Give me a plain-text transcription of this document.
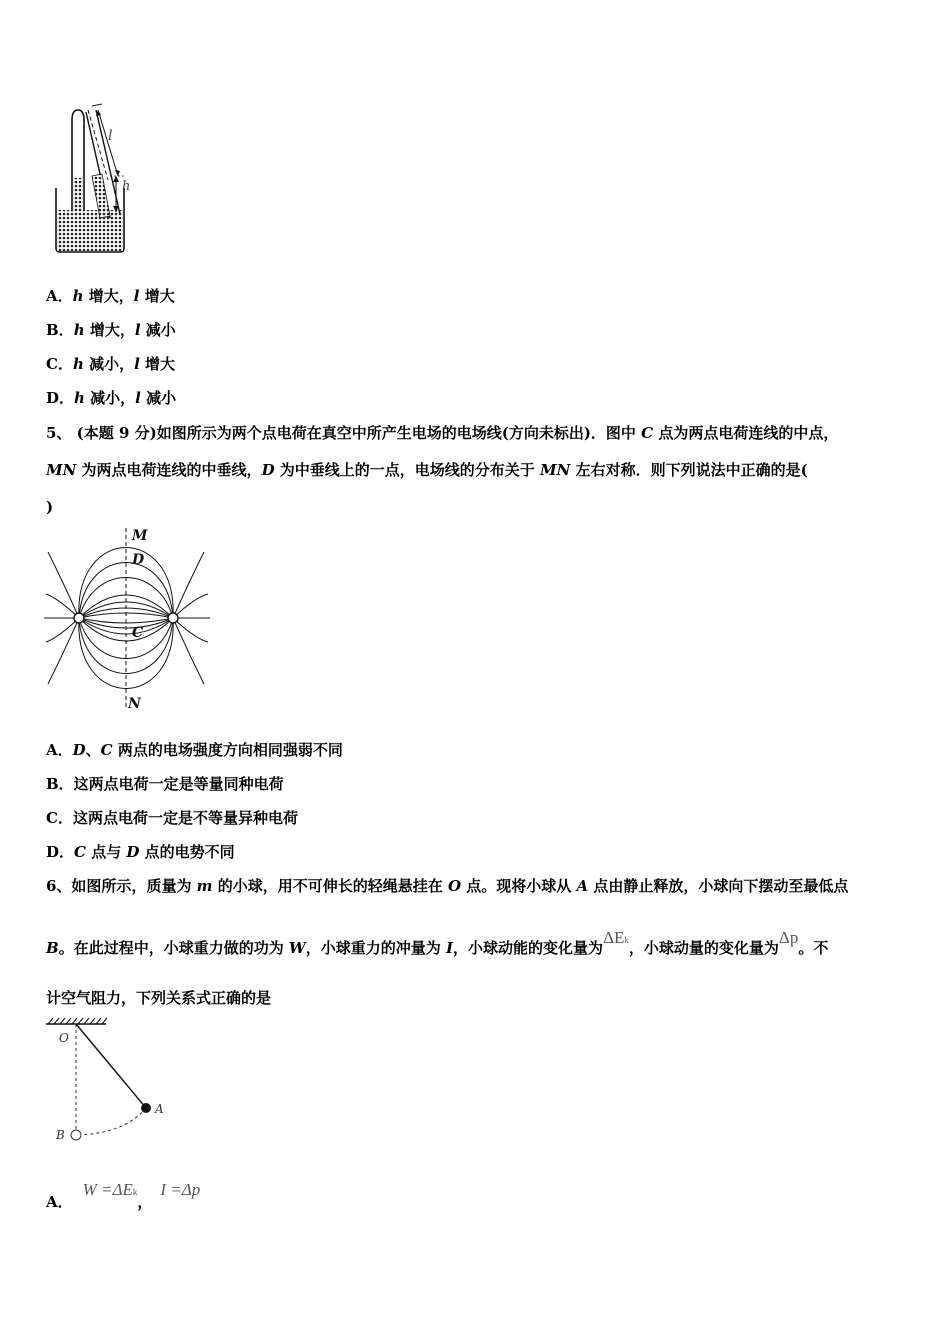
l
h
A．h 增大，l 增大
B．h 增大，l 减小
C．h 减小，l 增大
D．h 减小，l 减小
5、 (本题 9 分)如图所示为两个点电荷在真空中所产生电场的电场线(方向未标出)．图中 C 点为两点电荷连线的中点，
MN 为两点电荷连线的中垂线，D 为中垂线上的一点，电场线的分布关于 MN 左右对称．则下列说法中正确的是(
)
M
D
C
N
A．D、C 两点的电场强度方向相同强弱不同
B．这两点电荷一定是等量同种电荷
C．这两点电荷一定是不等量异种电荷
D．C 点与 D 点的电势不同
6、如图所示，质量为 m 的小球，用不可伸长的轻绳悬挂在 O 点。现将小球从 A 点由静止释放，小球向下摆动至最低点
B。在此过程中，小球重力做的功为 W，小球重力的冲量为 I，小球动能的变化量为ΔEk，小球动量的变化量为Δp。不
计空气阻力，下列关系式正确的是
O
A
B
A．W =ΔEk，I =Δp
